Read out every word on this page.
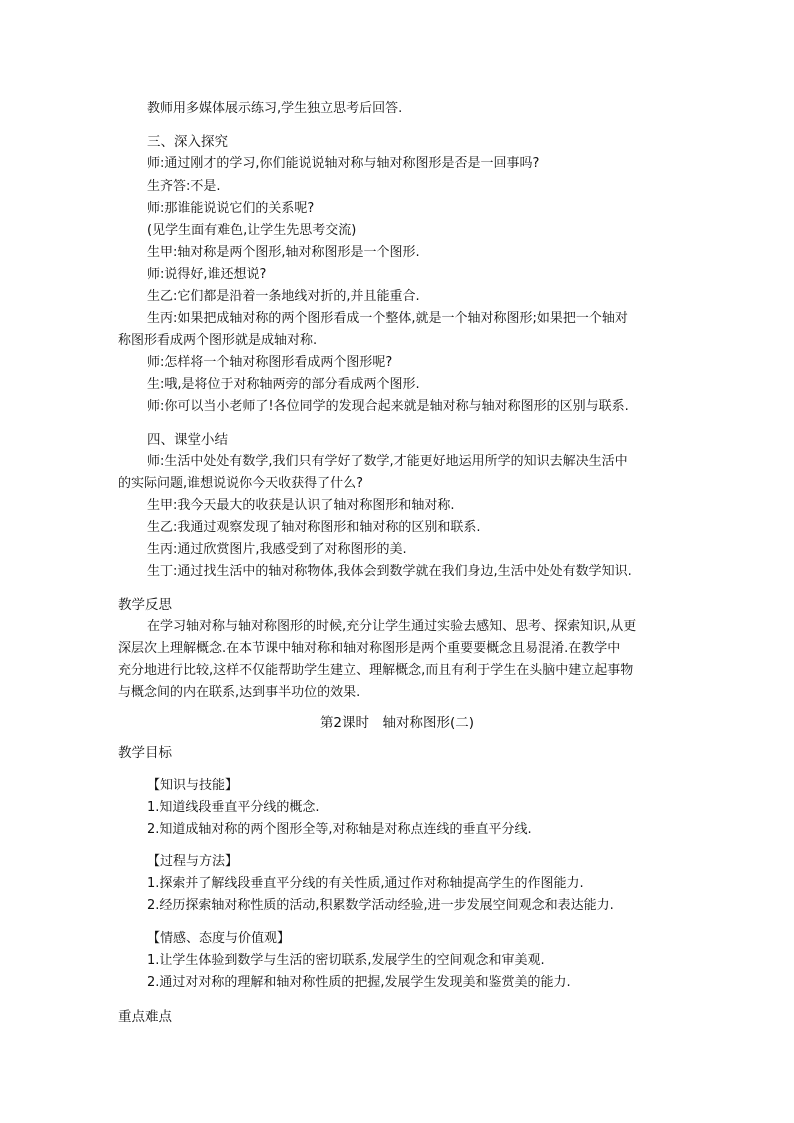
教师用多媒体展示练习,学生独立思考后回答.
三、深入探究
师:通过刚才的学习,你们能说说轴对称与轴对称图形是否是一回事吗?
生齐答:不是.
师:那谁能说说它们的关系呢?
(见学生面有难色,让学生先思考交流)
生甲:轴对称是两个图形,轴对称图形是一个图形.
师:说得好,谁还想说?
生乙:它们都是沿着一条地线对折的,并且能重合.
生丙:如果把成轴对称的两个图形看成一个整体,就是一个轴对称图形;如果把一个轴对
称图形看成两个图形就是成轴对称.
师:怎样将一个轴对称图形看成两个图形呢?
生:哦,是将位于对称轴两旁的部分看成两个图形.
师:你可以当小老师了!各位同学的发现合起来就是轴对称与轴对称图形的区别与联系.
四、课堂小结
师:生活中处处有数学,我们只有学好了数学,才能更好地运用所学的知识去解决生活中
的实际问题,谁想说说你今天收获得了什么?
生甲:我今天最大的收获是认识了轴对称图形和轴对称.
生乙:我通过观察发现了轴对称图形和轴对称的区别和联系.
生丙:通过欣赏图片,我感受到了对称图形的美.
生丁:通过找生活中的轴对称物体,我体会到数学就在我们身边,生活中处处有数学知识.
教学反思
在学习轴对称与轴对称图形的时候,充分让学生通过实验去感知、思考、探索知识,从更
深层次上理解概念.在本节课中轴对称和轴对称图形是两个重要要概念且易混淆.在教学中
充分地进行比较,这样不仅能帮助学生建立、理解概念,而且有利于学生在头脑中建立起事物
与概念间的内在联系,达到事半功位的效果.
第2课时　轴对称图形(二)
教学目标
【知识与技能】
1.知道线段垂直平分线的概念.
2.知道成轴对称的两个图形全等,对称轴是对称点连线的垂直平分线.
【过程与方法】
1.探索并了解线段垂直平分线的有关性质,通过作对称轴提高学生的作图能力.
2.经历探索轴对称性质的活动,积累数学活动经验,进一步发展空间观念和表达能力.
【情感、态度与价值观】
1.让学生体验到数学与生活的密切联系,发展学生的空间观念和审美观.
2.通过对对称的理解和轴对称性质的把握,发展学生发现美和鉴赏美的能力.
重点难点
